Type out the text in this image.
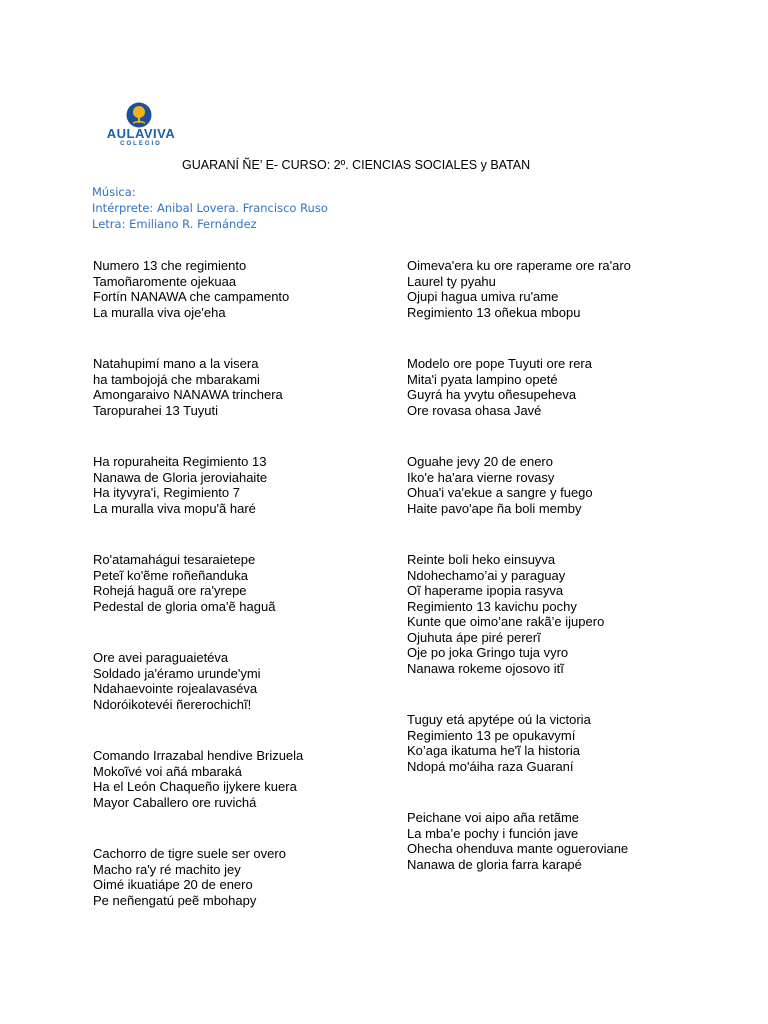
AULAVIVA
COLEGIO
GUARANÍ ÑE’ E- CURSO: 2º. CIENCIAS SOCIALES y BATAN
Música:
Intérprete: Anibal Lovera. Francisco Ruso
Letra: Emiliano R. Fernández
Numero 13 che regimiento
Tamoñaromente ojekuaa
Fortín NANAWA che campamento
La muralla viva oje'eha
Natahupimí mano a la visera
ha tambojojá che mbarakami
Amongaraivo NANAWA trinchera
Taropurahei 13 Tuyuti
Ha ropuraheita Regimiento 13
Nanawa de Gloria jeroviahaite
Ha ityvyra'i, Regimiento 7
La muralla viva mopu'ã haré
Ro'atamahágui tesaraietepe
Peteĩ ko'ẽme roñeñanduka
Rohejá haguã ore ra'yrepe
Pedestal de gloria oma'ẽ haguã
Ore avei paraguaietéva
Soldado ja'éramo urunde'ymi
Ndahaevointe rojealavaséva
Ndoróikotevéi ñererochichĩ!
Comando Irrazabal hendive Brizuela
Mokoĩvé voi añá mbaraká
Ha el León Chaqueño ijykere kuera
Mayor Caballero ore ruvichá
Cachorro de tigre suele ser overo
Macho ra'y ré machito jey
Oimé ikuatiápe 20 de enero
Pe neñengatú peẽ mbohapy
Oimeva'era ku ore raperame ore ra'aro
Laurel ty pyahu
Ojupi hagua umiva ru'ame
Regimiento 13 oñekua mbopu
Modelo ore pope Tuyuti ore rera
Mita'i pyata lampino opeté
Guyrá ha yvytu oñesupeheva
Ore rovasa ohasa Javé
Oguahe jevy 20 de enero
Iko'e ha'ara vierne rovasy
Ohua'i va'ekue a sangre y fuego
Haite pavo'ape ña boli memby
Reinte boli heko einsuyva
Ndohechamo’ai y paraguay
Oĩ haperame ipopia rasyva
Regimiento 13 kavichu pochy
Kunte que oimo’ane rakã’e ijupero
Ojuhuta ápe piré pererĩ
Oje po joka Gringo tuja vyro
Nanawa rokeme ojosovo itĩ
Tuguy etá apytépe oú la victoria
Regimiento 13 pe opukavymí
Ko’aga ikatuma he'ĩ la historia
Ndopá mo'áiha raza Guaraní
Peichane voi aipo aña retãme
La mba’e pochy i función jave
Ohecha ohenduva mante oguerovianeᅠ
Nanawa de gloria farra karapé
